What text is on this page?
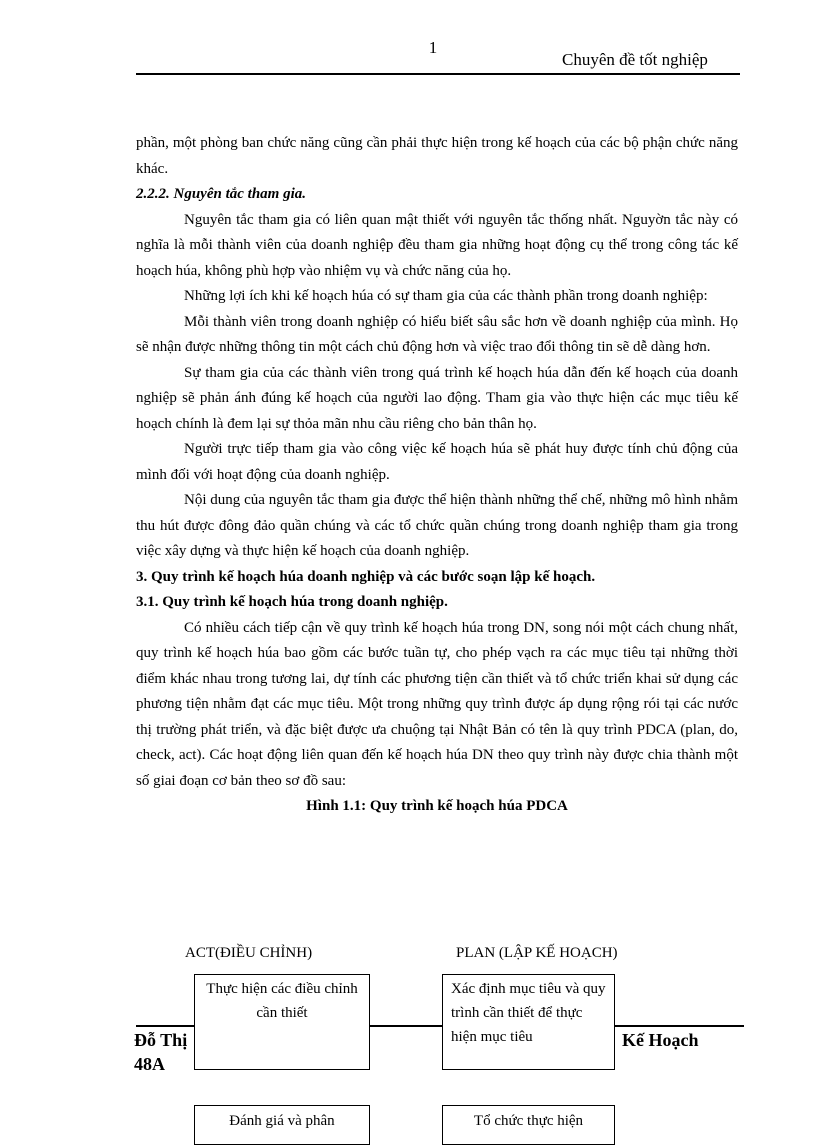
1
Chuyên đề tốt nghiệp

phần, một phòng ban chức năng cũng cần phải thực hiện trong kế hoạch của các bộ phận chức năng khác.

2.2.2. Nguyên tắc tham gia.

Nguyên tắc tham gia có liên quan mật thiết với nguyên tắc thống nhất. Nguyờn tắc này có nghĩa là mỗi thành viên của doanh nghiệp đều tham gia những hoạt động cụ thể trong công tác kế hoạch húa, không phù hợp vào nhiệm vụ và chức năng của họ.

Những lợi ích khi kế hoạch húa có sự tham gia của các thành phần trong doanh nghiệp:

Mỗi thành viên trong doanh nghiệp có hiểu biết sâu sắc hơn về doanh nghiệp của mình. Họ sẽ nhận được những thông tin một cách chủ động hơn và việc trao đổi thông tin sẽ dễ dàng hơn.

Sự tham gia của các thành viên trong quá trình kế hoạch húa dẫn đến kế hoạch của doanh nghiệp sẽ phản ánh đúng kế hoạch của người lao động. Tham gia vào thực hiện các mục tiêu kế hoạch chính là đem lại sự thỏa mãn nhu cầu riêng cho bản thân họ.

Người trực tiếp tham gia vào công việc kế hoạch húa sẽ phát huy được tính chủ động của mình đối với hoạt động của doanh nghiệp.

Nội dung của nguyên tắc tham gia được thể hiện thành những thể chế, những mô hình nhằm thu hút được đông đảo quần chúng và các tổ chức quần chúng trong doanh nghiệp tham gia trong việc xây dựng và thực hiện kế hoạch của doanh nghiệp.

3. Quy trình kế hoạch húa doanh nghiệp và các bước soạn lập kế hoạch.

3.1. Quy trình kế hoạch húa trong doanh nghiệp.

Có nhiều cách tiếp cận về quy trình kế hoạch húa trong DN, song nói một cách chung nhất, quy trình kế hoạch húa bao gồm các bước tuần tự, cho phép vạch ra các mục tiêu tại những thời điểm khác nhau trong tương lai, dự tính các phương tiện cần thiết và tổ chức triển khai sử dụng các phương tiện nhằm đạt các mục tiêu. Một trong những quy trình được áp dụng rộng rói tại các nước thị trường phát triển, và đặc biệt được ưa chuộng tại Nhật Bản có tên là quy trình PDCA (plan, do, check, act). Các hoạt động liên quan đến kế hoạch húa DN theo quy trình này được chia thành một số giai đoạn cơ bản theo sơ đồ sau:

Hình 1.1: Quy trình kế hoạch húa PDCA

ACT(ĐIỀU CHỈNH)	PLAN (LẬP KẾ HOẠCH)
Thực hiện các điều chỉnh cần thiết
Xác định mục tiêu và quy trình cần thiết để thực hiện mục tiêu
Đánh giá và phân	Tổ chức thực hiện
Đỗ Thị
48A
Kế Hoạch
